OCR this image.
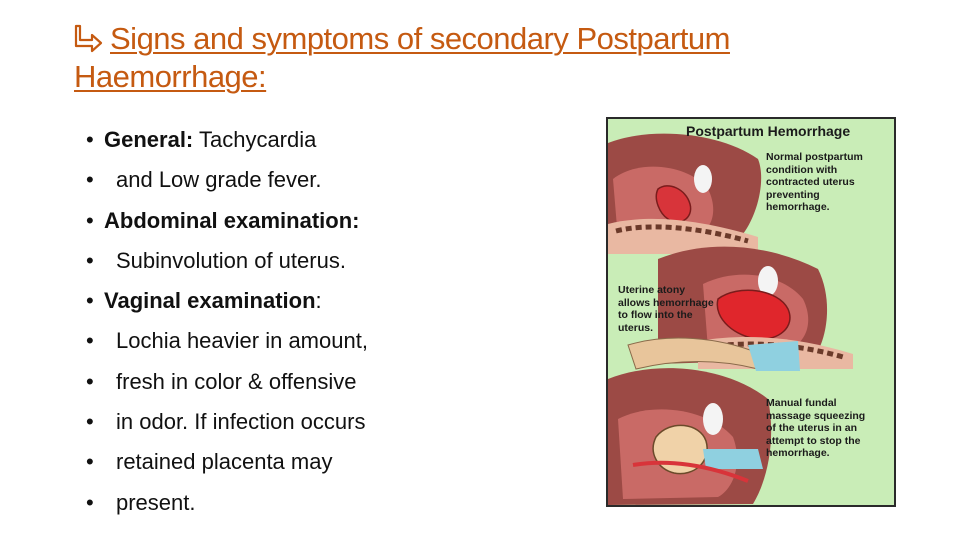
Signs and symptoms of secondary Postpartum Haemorrhage:
• General: Tachycardia
• and Low grade fever.
• Abdominal examination:
• Subinvolution of uterus.
• Vaginal examination:
• Lochia heavier in amount,
• fresh in color & offensive
• in odor. If infection occurs
• retained placenta may
• present.
Postpartum Hemorrhage
Normal postpartum
condition with
contracted uterus
preventing
hemorrhage.
Uterine atony
allows hemorrhage
to flow into the
uterus.
Manual fundal
massage squeezing
of the uterus in an
attempt to stop the
hemorrhage.
